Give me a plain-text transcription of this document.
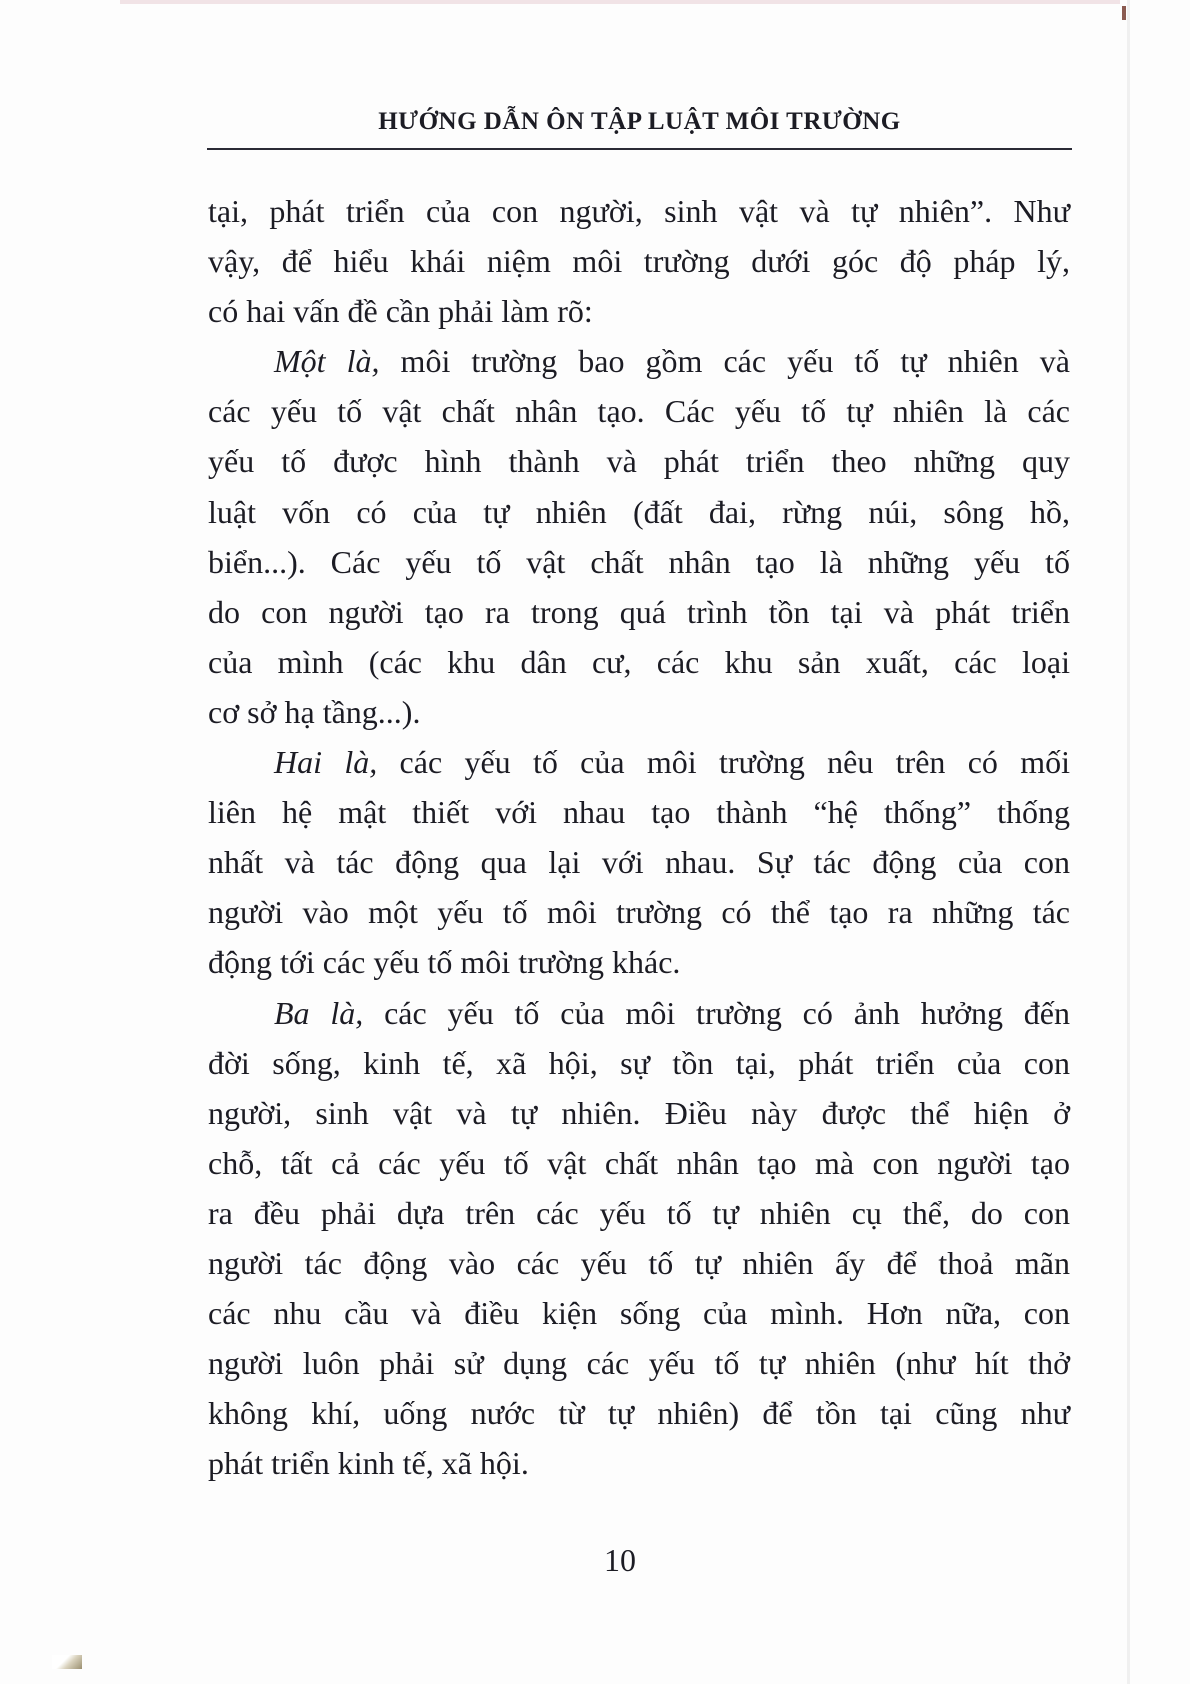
HƯỚNG DẪN ÔN TẬP LUẬT MÔI TRƯỜNG
tại, phát triển của con người, sinh vật và tự nhiên”. Như
vậy, để hiểu khái niệm môi trường dưới góc độ pháp lý,
có hai vấn đề cần phải làm rõ:
Một là, môi trường bao gồm các yếu tố tự nhiên và
các yếu tố vật chất nhân tạo. Các yếu tố tự nhiên là các
yếu tố được hình thành và phát triển theo những quy
luật vốn có của tự nhiên (đất đai, rừng núi, sông hồ,
biển...). Các yếu tố vật chất nhân tạo là những yếu tố
do con người tạo ra trong quá trình tồn tại và phát triển
của mình (các khu dân cư, các khu sản xuất, các loại
cơ sở hạ tầng...).
Hai là, các yếu tố của môi trường nêu trên có mối
liên hệ mật thiết với nhau tạo thành “hệ thống” thống
nhất và tác động qua lại với nhau. Sự tác động của con
người vào một yếu tố môi trường có thể tạo ra những tác
động tới các yếu tố môi trường khác.
Ba là, các yếu tố của môi trường có ảnh hưởng đến
đời sống, kinh tế, xã hội, sự tồn tại, phát triển của con
người, sinh vật và tự nhiên. Điều này được thể hiện ở
chỗ, tất cả các yếu tố vật chất nhân tạo mà con người tạo
ra đều phải dựa trên các yếu tố tự nhiên cụ thể, do con
người tác động vào các yếu tố tự nhiên ấy để thoả mãn
các nhu cầu và điều kiện sống của mình. Hơn nữa, con
người luôn phải sử dụng các yếu tố tự nhiên (như hít thở
không khí, uống nước từ tự nhiên) để tồn tại cũng như
phát triển kinh tế, xã hội.
10
